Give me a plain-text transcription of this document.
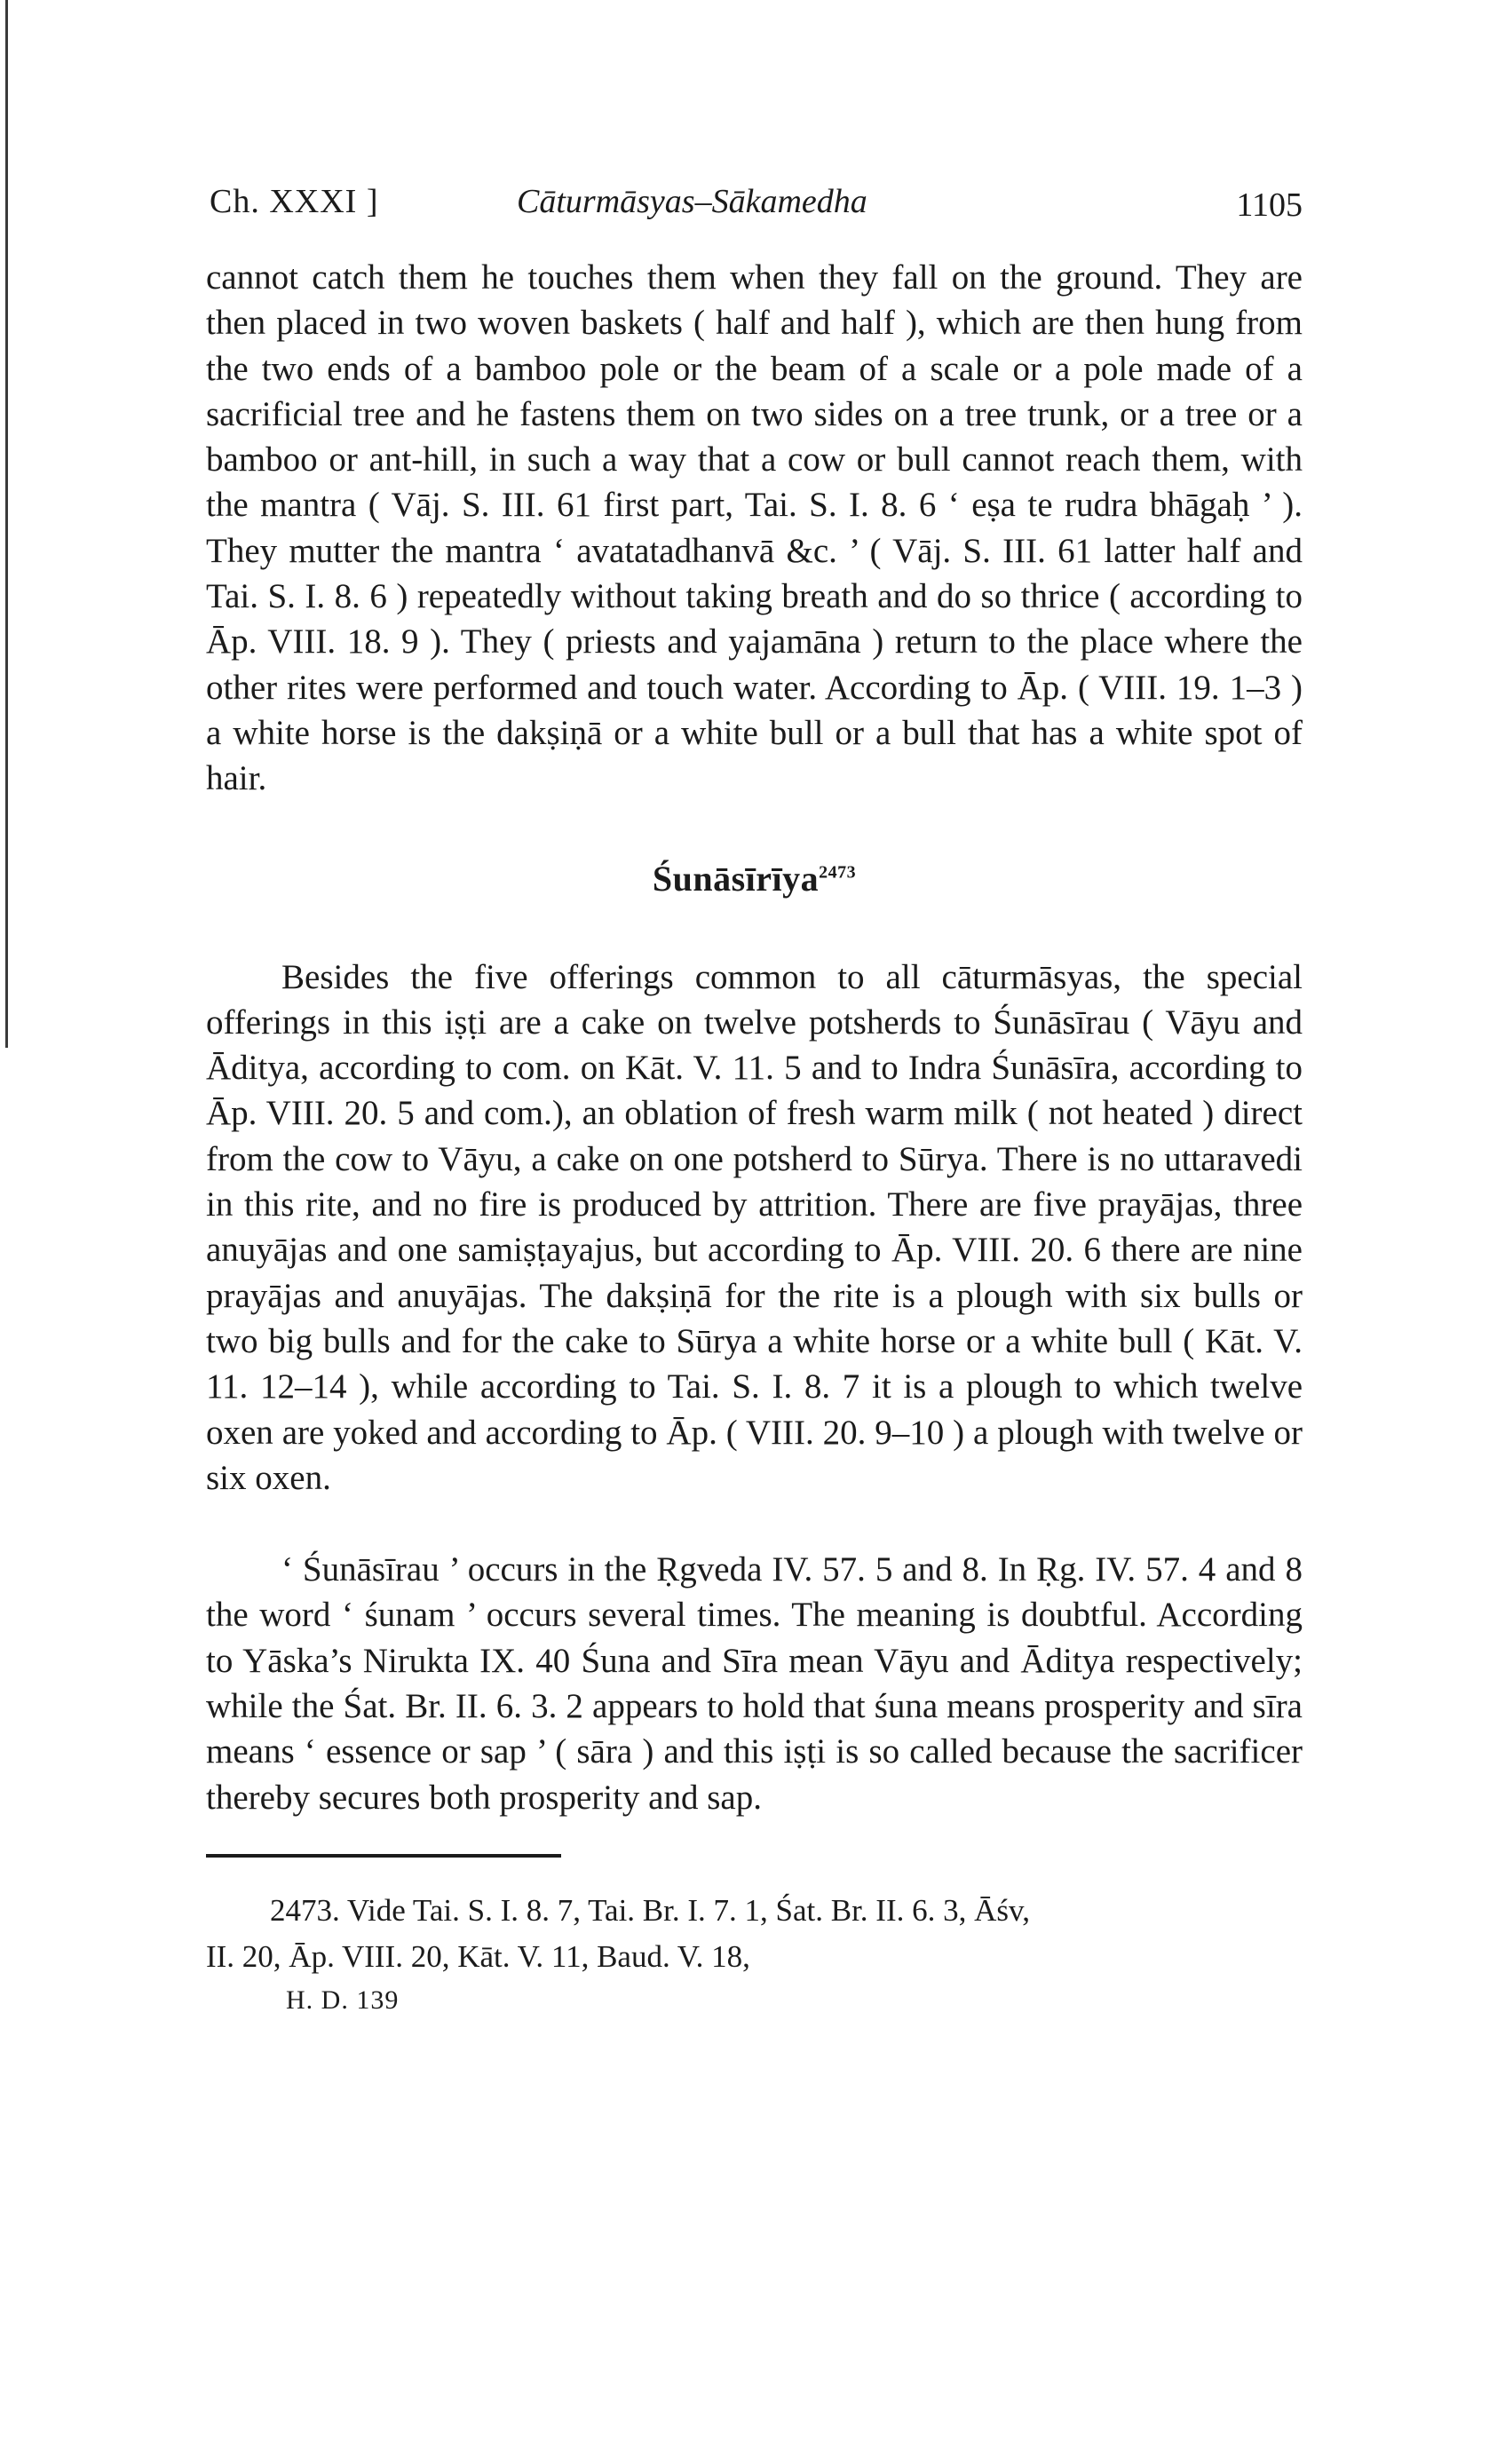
Ch. XXXI ]	Cāturmāsyas–Sākamedha	1105

cannot catch them he touches them when they fall on the ground. They are then placed in two woven baskets ( half and half ), which are then hung from the two ends of a bamboo pole or the beam of a scale or a pole made of a sacrificial tree and he fastens them on two sides on a tree trunk, or a tree or a bamboo or ant-hill, in such a way that a cow or bull cannot reach them, with the mantra ( Vāj. S. III. 61 first part, Tai. S. I. 8. 6 ‘ eṣa te rudra bhāgaḥ ’ ). They mutter the mantra ‘ avatatadhanvā &c. ’ ( Vāj. S. III. 61 latter half and Tai. S. I. 8. 6 ) repeatedly without taking breath and do so thrice ( according to Āp. VIII. 18. 9 ). They ( priests and yajamāna ) return to the place where the other rites were performed and touch water. According to Āp. ( VIII. 19. 1–3 ) a white horse is the dakṣiṇā or a white bull or a bull that has a white spot of hair.

Śunāsīrīya$^{2473}$

Besides the five offerings common to all cāturmāsyas, the special offerings in this iṣṭi are a cake on twelve potsherds to Śunāsīrau ( Vāyu and Āditya, according to com. on Kāt. V. 11. 5 and to Indra Śunāsīra, according to Āp. VIII. 20. 5 and com.), an oblation of fresh warm milk ( not heated ) direct from the cow to Vāyu, a cake on one potsherd to Sūrya. There is no uttaravedi in this rite, and no fire is produced by attrition. There are five prayājas, three anuyājas and one samiṣṭayajus, but according to Āp. VIII. 20. 6 there are nine prayājas and anuyājas. The dakṣiṇā for the rite is a plough with six bulls or two big bulls and for the cake to Sūrya a white horse or a white bull ( Kāt. V. 11. 12–14 ), while according to Tai. S. I. 8. 7 it is a plough to which twelve oxen are yoked and according to Āp. ( VIII. 20. 9–10 ) a plough with twelve or six oxen.

‘ Śunāsīrau ’ occurs in the Ṛgveda IV. 57. 5 and 8. In Ṛg. IV. 57. 4 and 8 the word ‘ śunam ’ occurs several times. The meaning is doubtful. According to Yāska’s Nirukta IX. 40 Śuna and Sīra mean Vāyu and Āditya respectively; while the Śat. Br. II. 6. 3. 2 appears to hold that śuna means prosperity and sīra means ‘ essence or sap ’ ( sāra ) and this iṣṭi is so called because the sacrificer thereby secures both prosperity and sap.

2473. Vide Tai. S. I. 8. 7, Tai. Br. I. 7. 1, Śat. Br. II. 6. 3, Āśv,

II. 20, Āp. VIII. 20, Kāt. V. 11, Baud. V. 18,

H. D. 139
